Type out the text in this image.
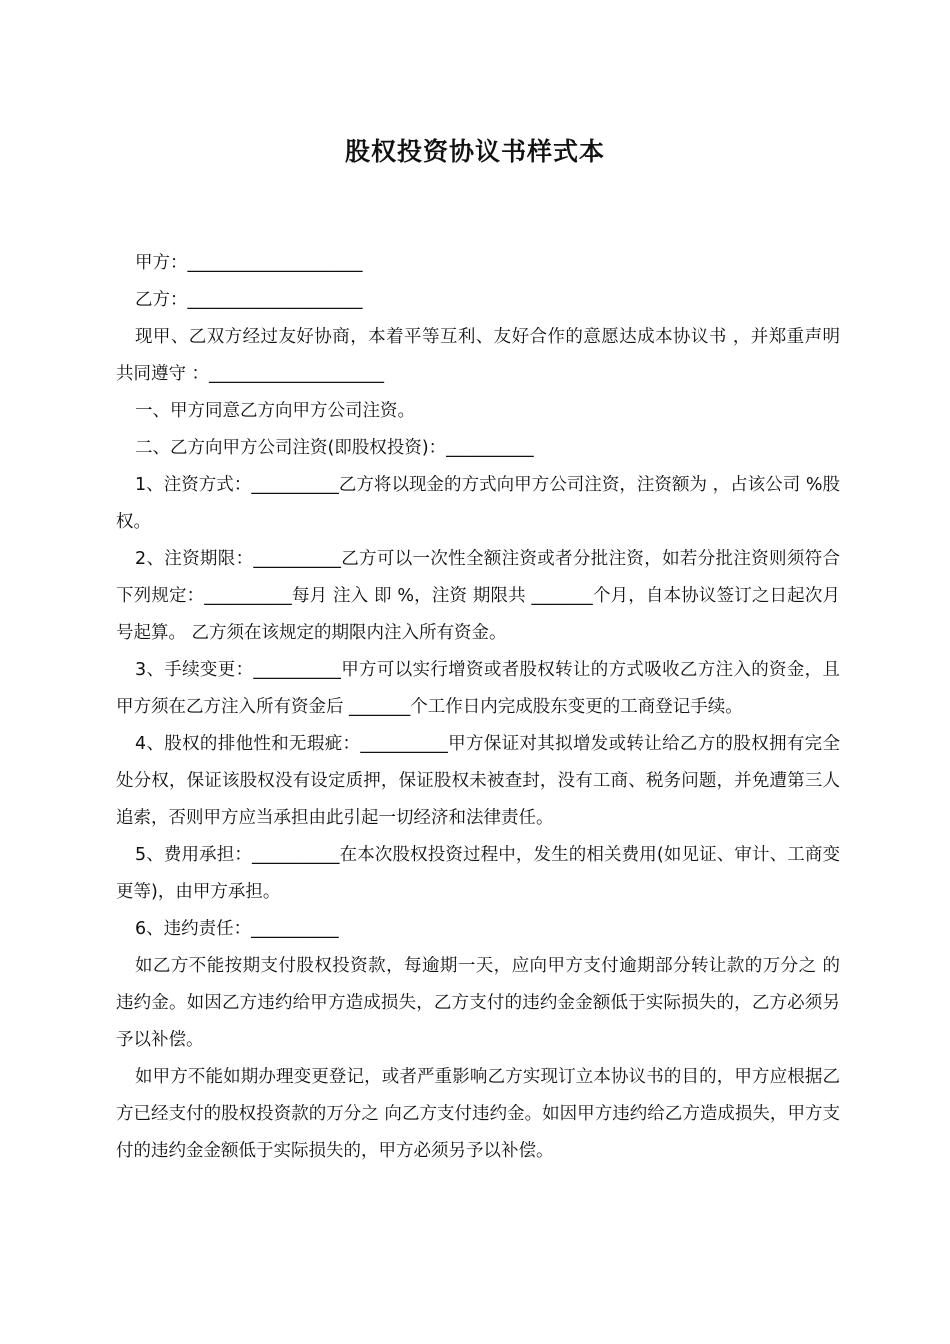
股权投资协议书样式本

甲方：____________________

乙方：____________________

现甲、乙双方经过友好协商，本着平等互利、友好合作的意愿达成本协议书 ，并郑重声明共同遵守 ：____________________

一、甲方同意乙方向甲方公司注资。

二、乙方向甲方公司注资(即股权投资)：__________

1、注资方式：__________乙方将以现金的方式向甲方公司注资，注资额为 ，占该公司 %股权。

2、注资期限：__________乙方可以一次性全额注资或者分批注资，如若分批注资则须符合下列规定：__________每月 注入 即 %，注资 期限共 _______个月，自本协议签订之日起次月 号起算。 乙方须在该规定的期限内注入所有资金。

3、手续变更：__________甲方可以实行增资或者股权转让的方式吸收乙方注入的资金，且甲方须在乙方注入所有资金后 _______个工作日内完成股东变更的工商登记手续。

4、股权的排他性和无瑕疵：__________甲方保证对其拟增发或转让给乙方的股权拥有完全处分权，保证该股权没有设定质押，保证股权未被查封，没有工商、税务问题，并免遭第三人追索，否则甲方应当承担由此引起一切经济和法律责任。

5、费用承担：__________在本次股权投资过程中，发生的相关费用(如见证、审计、工商变更等)，由甲方承担。

6、违约责任：__________

如乙方不能按期支付股权投资款，每逾期一天，应向甲方支付逾期部分转让款的万分之 的违约金。如因乙方违约给甲方造成损失，乙方支付的违约金金额低于实际损失的，乙方必须另予以补偿。

如甲方不能如期办理变更登记，或者严重影响乙方实现订立本协议书的目的，甲方应根据乙方已经支付的股权投资款的万分之 向乙方支付违约金。如因甲方违约给乙方造成损失，甲方支付的违约金金额低于实际损失的，甲方必须另予以补偿。
